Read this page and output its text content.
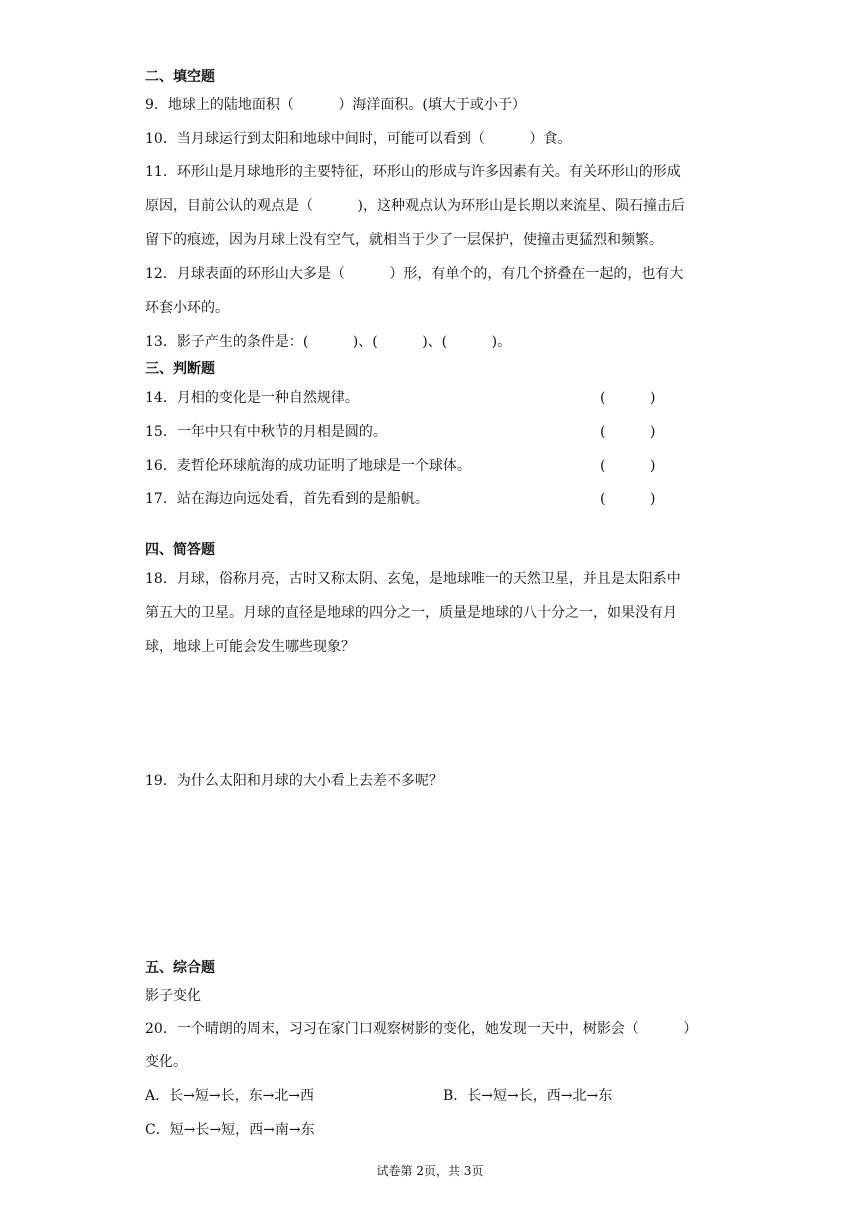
二、填空题
9．地球上的陆地面积（          ）海洋面积。(填大于或小于）
10．当月球运行到太阳和地球中间时，可能可以看到（          ）食。
11．环形山是月球地形的主要特征，环形山的形成与许多因素有关。有关环形山的形成
原因，目前公认的观点是（          )，这种观点认为环形山是长期以来流星、陨石撞击后
留下的痕迹，因为月球上没有空气，就相当于少了一层保护，使撞击更猛烈和频繁。
12．月球表面的环形山大多是（          ）形，有单个的，有几个挤叠在一起的，也有大
环套小环的。
13．影子产生的条件是：(          )、(          )、(          )。
三、判断题
14．月相的变化是一种自然规律。	(          )
15．一年中只有中秋节的月相是圆的。	(          )
16．麦哲伦环球航海的成功证明了地球是一个球体。	(          )
17．站在海边向远处看，首先看到的是船帆。	(          )
四、简答题
18．月球，俗称月亮，古时又称太阴、玄兔，是地球唯一的天然卫星，并且是太阳系中
第五大的卫星。月球的直径是地球的四分之一，质量是地球的八十分之一，如果没有月
球，地球上可能会发生哪些现象？
19．为什么太阳和月球的大小看上去差不多呢？
五、综合题
影子变化
20．一个晴朗的周末，习习在家门口观察树影的变化，她发现一天中，树影会（          ）
变化。
A．长→短→长，东→北→西	B．长→短→长，西→北→东
C．短→长→短，西→南→东
试卷第 2页，共 3页
